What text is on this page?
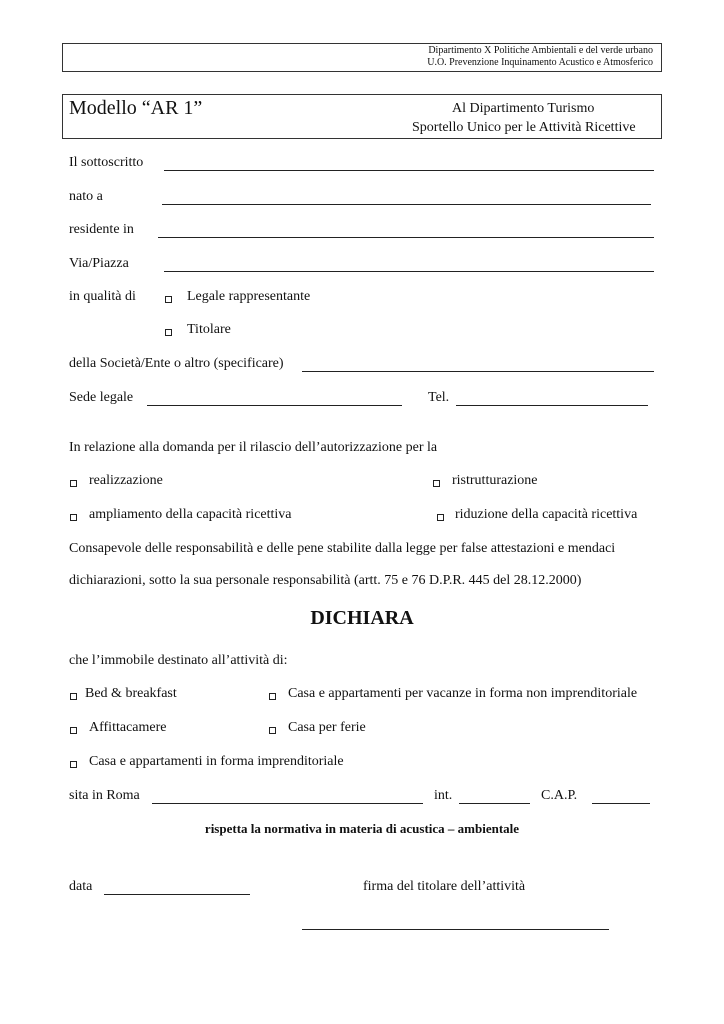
Dipartimento X Politiche Ambientali e del verde urbano
U.O. Prevenzione Inquinamento Acustico e Atmosferico
Modello “AR 1”	Al Dipartimento Turismo
Sportello Unico per le Attività Ricettive
Il sottoscritto
nato a
residente in
Via/Piazza
in qualità di	Legale rappresentante
Titolare
della Società/Ente o altro (specificare)
Sede legale	Tel.
In relazione alla domanda per il rilascio dell’autorizzazione per la
realizzazione	ristrutturazione
ampliamento della capacità ricettiva	riduzione della capacità ricettiva
Consapevole delle responsabilità e delle pene stabilite dalla legge per false attestazioni e mendaci
dichiarazioni, sotto la sua personale responsabilità (artt. 75 e 76 D.P.R. 445 del 28.12.2000)
DICHIARA
che l’immobile destinato all’attività di:
Bed & breakfast	Casa e appartamenti per vacanze in forma non imprenditoriale
Affittacamere	Casa per ferie
Casa e appartamenti in forma imprenditoriale
sita in Roma	int.	C.A.P.
rispetta la normativa in materia di acustica – ambientale
data	firma del titolare dell’attività
